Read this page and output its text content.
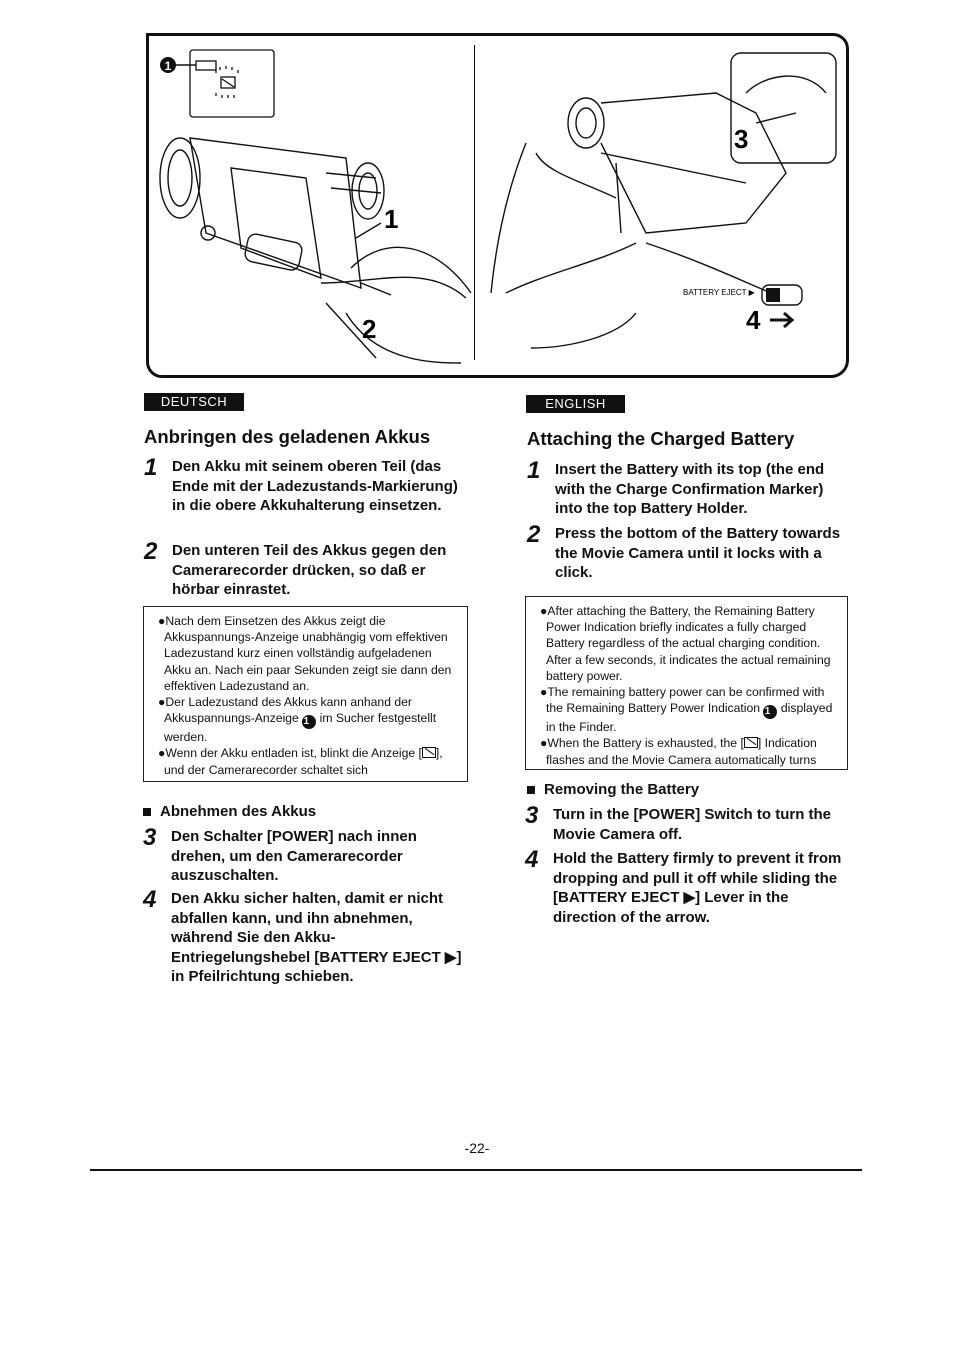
1
1
2
3
BATTERY EJECT ▶
4
DEUTSCH
Anbringen des geladenen Akkus
1 Den Akku mit seinem oberen Teil (das Ende mit der Ladezustands-Markierung) in die obere Akkuhalterung einsetzen.
2 Den unteren Teil des Akkus gegen den Camerarecorder drücken, so daß er hörbar einrastet.

●Nach dem Einsetzen des Akkus zeigt die Akkuspannungs-Anzeige unabhängig vom effektiven Ladezustand kurz einen vollständig aufgeladenen Akku an. Nach ein paar Sekunden zeigt sie dann den effektiven Ladezustand an.

●Der Ladezustand des Akkus kann anhand der Akkuspannungs-Anzeige 1 im Sucher festgestellt werden.

●Wenn der Akku entladen ist, blinkt die Anzeige [ ], und der Camerarecorder schaltet sich

Abnehmen des Akkus
3 Den Schalter [POWER] nach innen drehen, um den Camerarecorder auszuschalten.
4 Den Akku sicher halten, damit er nicht abfallen kann, und ihn abnehmen, während Sie den Akku-Entriegelungshebel [BATTERY EJECT ▶] in Pfeilrichtung schieben.
ENGLISH
Attaching the Charged Battery
1 Insert the Battery with its top (the end with the Charge Confirmation Marker) into the top Battery Holder.
2 Press the bottom of the Battery towards the Movie Camera until it locks with a click.

●After attaching the Battery, the Remaining Battery Power Indication briefly indicates a fully charged Battery regardless of the actual charging condition. After a few seconds, it indicates the actual remaining battery power.

●The remaining battery power can be confirmed with the Remaining Battery Power Indication 1 displayed in the Finder.

●When the Battery is exhausted, the [ ] Indication flashes and the Movie Camera automatically turns

Removing the Battery
3 Turn in the [POWER] Switch to turn the Movie Camera off.
4 Hold the Battery firmly to prevent it from dropping and pull it off while sliding the [BATTERY EJECT ▶] Lever in the direction of the arrow.
-22-
